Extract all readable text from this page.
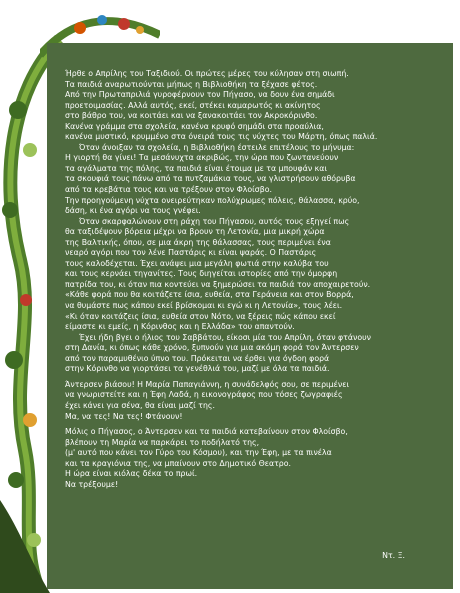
Ήρθε ο Απρίλης του Ταξιδιού. Οι πρώτες μέρες του κύλησαν στη σιωπή.
Τα παιδιά αναρωτιούνται μήπως η Βιβλιοθήκη τα ξέχασε φέτος.
Από την Πρωταπριλιά γυροφέρνουν τον Πήγασο, να δουν ένα σημάδι
προετοιμασίας. Αλλά αυτός, εκεί, στέκει καμαρωτός κι ακίνητος
στο βάθρο του, να κοιτάει και να ξανακοιτάει τον Ακροκόρινθο.
Κανένα γράμμα στα σχολεία, κανένα κρυφό σημάδι στα προαύλια,
κανένα μυστικό, κρυμμένο στα όνειρά τους τις νύχτες του Μάρτη, όπως παλιά.

Όταν άνοιξαν τα σχολεία, η Βιβλιοθήκη έστειλε επιτέλους το μήνυμα:
Η γιορτή θα γίνει! Τα μεσάνυχτα ακριβώς, την ώρα που ζωντανεύουν
τα αγάλματα της πόλης, τα παιδιά είναι έτοιμα με τα μπουφάν και
τα σκουφιά τους πάνω από τα πυτζαμάκια τους, να γλιστρήσουν αθόρυβα
από τα κρεβάτια τους και να τρέξουν στον Φλοίσβο.
Την προηγούμενη νύχτα ονειρεύτηκαν πολύχρωμες πόλεις, θάλασσα, κρύο,
δάση, κι ένα αγόρι να τους γνέφει.

Όταν σκαρφαλώνουν στη ράχη του Πήγασου, αυτός τους εξηγεί πως
θα ταξιδέψουν βόρεια μέχρι να βρουν τη Λετονία, μια μικρή χώρα
της Βαλτικής, όπου, σε μια άκρη της θάλασσας, τους περιμένει ένα
νεαρό αγόρι που τον λένε Παστάρις κι είναι ψαράς. Ο Παστάρις
τους καλοδέχεται. Έχει ανάψει μια μεγάλη φωτιά στην καλύβα του
και τους κερνάει τηγανίτες. Τους διηγείται ιστορίες από την όμορφη
πατρίδα του, κι όταν πια κοντεύει να ξημερώσει τα παιδιά τον αποχαιρετούν.
«Κάθε φορά που θα κοιτάζετε ίσια, ευθεία, στα Γεράνεια και στον Βορρά,
να θυμάστε πως κάπου εκεί βρίσκομαι κι εγώ κι η Λετονία», τους λέει.
«Κι όταν κοιτάζεις ίσια, ευθεία στον Νότο, να ξέρεις πώς κάπου εκεί
είμαστε κι εμείς, η Κόρινθος και η Ελλάδα» του απαντούν.

Έχει ήδη βγει ο ήλιος του Σαββάτου, είκοσι μία του Απρίλη, όταν φτάνουν
στη Δανία, κι όπως κάθε χρόνο, ξυπνούν για μια ακόμη φορά τον Άντερσεν
από τον παραμυθένιο ύπνο του. Πρόκειται να έρθει για όγδοη φορά
στην Κόρινθο να γιορτάσει τα γενέθλιά του, μαζί με όλα τα παιδιά.

Άντερσεν βιάσου! Η Μαρία Παπαγιάννη, η συνάδελφός σου, σε περιμένει
να γνωριστείτε και η Έφη Λαδά, η εικονογράφος που τόσες ζωγραφιές
έχει κάνει για σένα, θα είναι μαζί της.
Μα, να τες! Να τες! Φτάνουν!

Μόλις ο Πήγασος, ο Άντερσεν και τα παιδιά κατεβαίνουν στον Φλοίσβο,
βλέπουν τη Μαρία να παρκάρει το ποδήλατό της,
(μ' αυτό που κάνει τον Γύρο του Κόσμου), και την Έφη, με τα πινέλα
και τα κραγιόνια της, να μπαίνουν στο Δημοτικό Θεατρο.
Η ώρα είναι κιόλας δέκα το πρωί.
Να τρέξουμε!

Ντ. Ξ.
